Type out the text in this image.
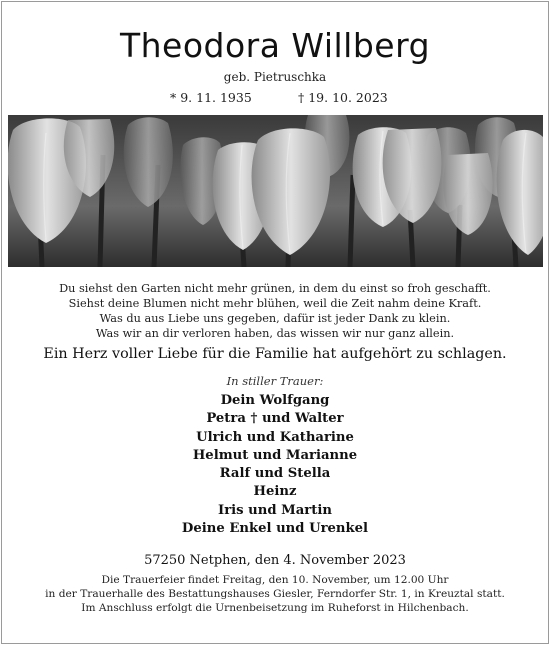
Theodora Willberg
geb. Pietruschka
* 9. 11. 1935	† 19. 10. 2023
Du siehst den Garten nicht mehr grünen, in dem du einst so froh geschafft.
Siehst deine Blumen nicht mehr blühen, weil die Zeit nahm deine Kraft.
Was du aus Liebe uns gegeben, dafür ist jeder Dank zu klein.
Was wir an dir verloren haben, das wissen wir nur ganz allein.
Ein Herz voller Liebe für die Familie hat aufgehört zu schlagen.
In stiller Trauer:
Dein Wolfgang
Petra † und Walter
Ulrich und Katharine
Helmut und Marianne
Ralf und Stella
Heinz
Iris und Martin
Deine Enkel und Urenkel
57250 Netphen, den 4. November 2023
Die Trauerfeier findet Freitag, den 10. November, um 12.00 Uhr
in der Trauerhalle des Bestattungshauses Giesler, Ferndorfer Str. 1, in Kreuztal statt.
Im Anschluss erfolgt die Urnenbeisetzung im Ruheforst in Hilchenbach.
